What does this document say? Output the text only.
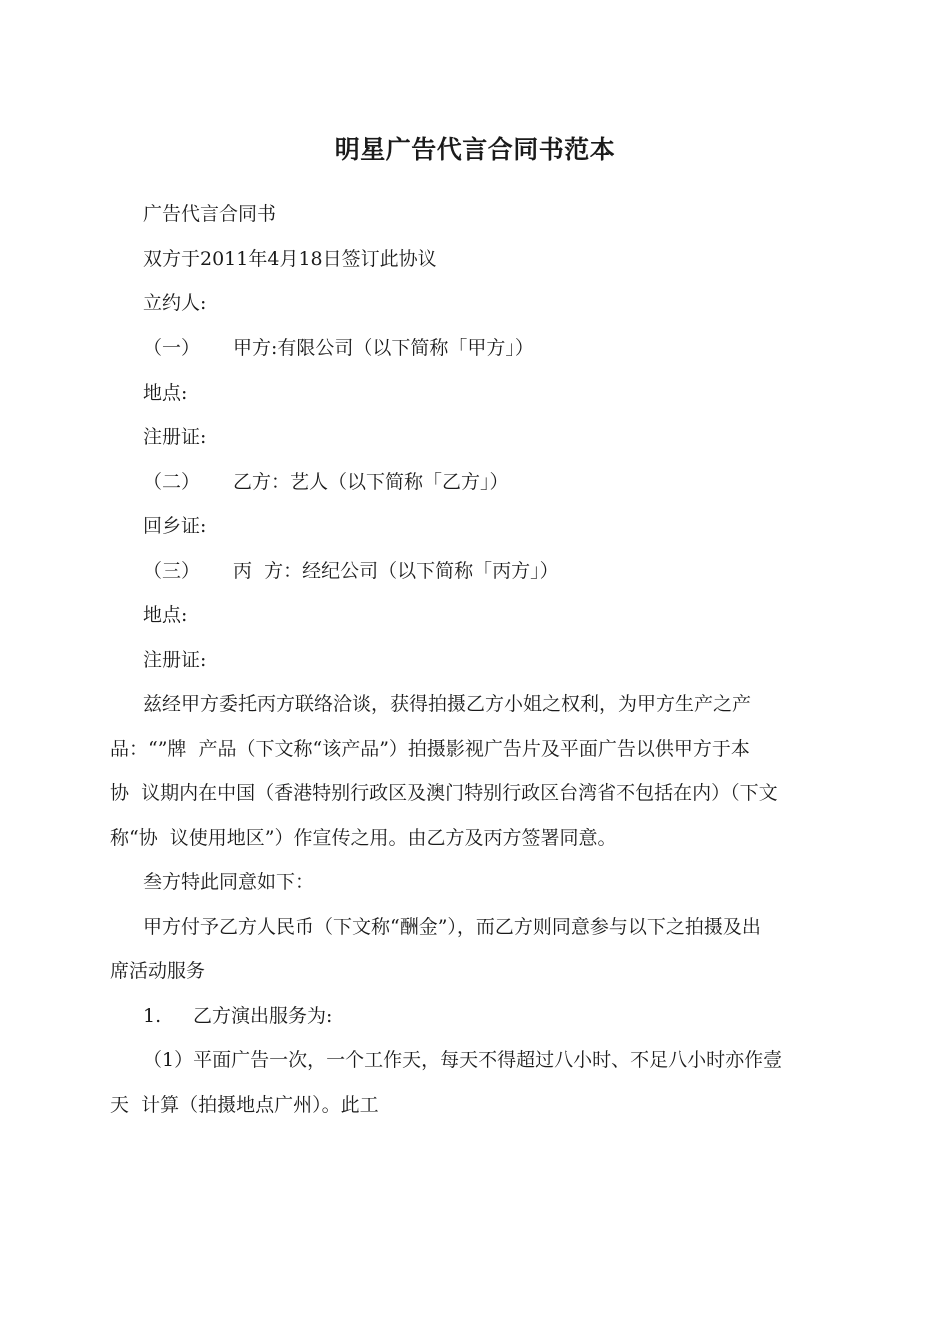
明星广告代言合同书范本
广告代言合同书
双方于2011年4月18日签订此协议
立约人:
（一） 甲方:有限公司（以下简称「甲方」）
地点:
注册证:
（二） 乙方：艺人（以下简称「乙方」）
回乡证:
（三） 丙  方：经纪公司（以下简称「丙方」）
地点:
注册证:
兹经甲方委托丙方联络洽谈，获得拍摄乙方小姐之权利，为甲方生产之产
品：“”牌  产品（下文称“该产品”）拍摄影视广告片及平面广告以供甲方于本
协  议期内在中国（香港特别行政区及澳门特别行政区台湾省不包括在内）（下文
称“协  议使用地区”）作宣传之用。由乙方及丙方签署同意。
叁方特此同意如下：
甲方付予乙方人民币（下文称“酬金”），而乙方则同意参与以下之拍摄及出
席活动服务
1. 乙方演出服务为:
（1）平面广告一次，一个工作天，每天不得超过八小时、不足八小时亦作壹
天  计算（拍摄地点广州）。此工
